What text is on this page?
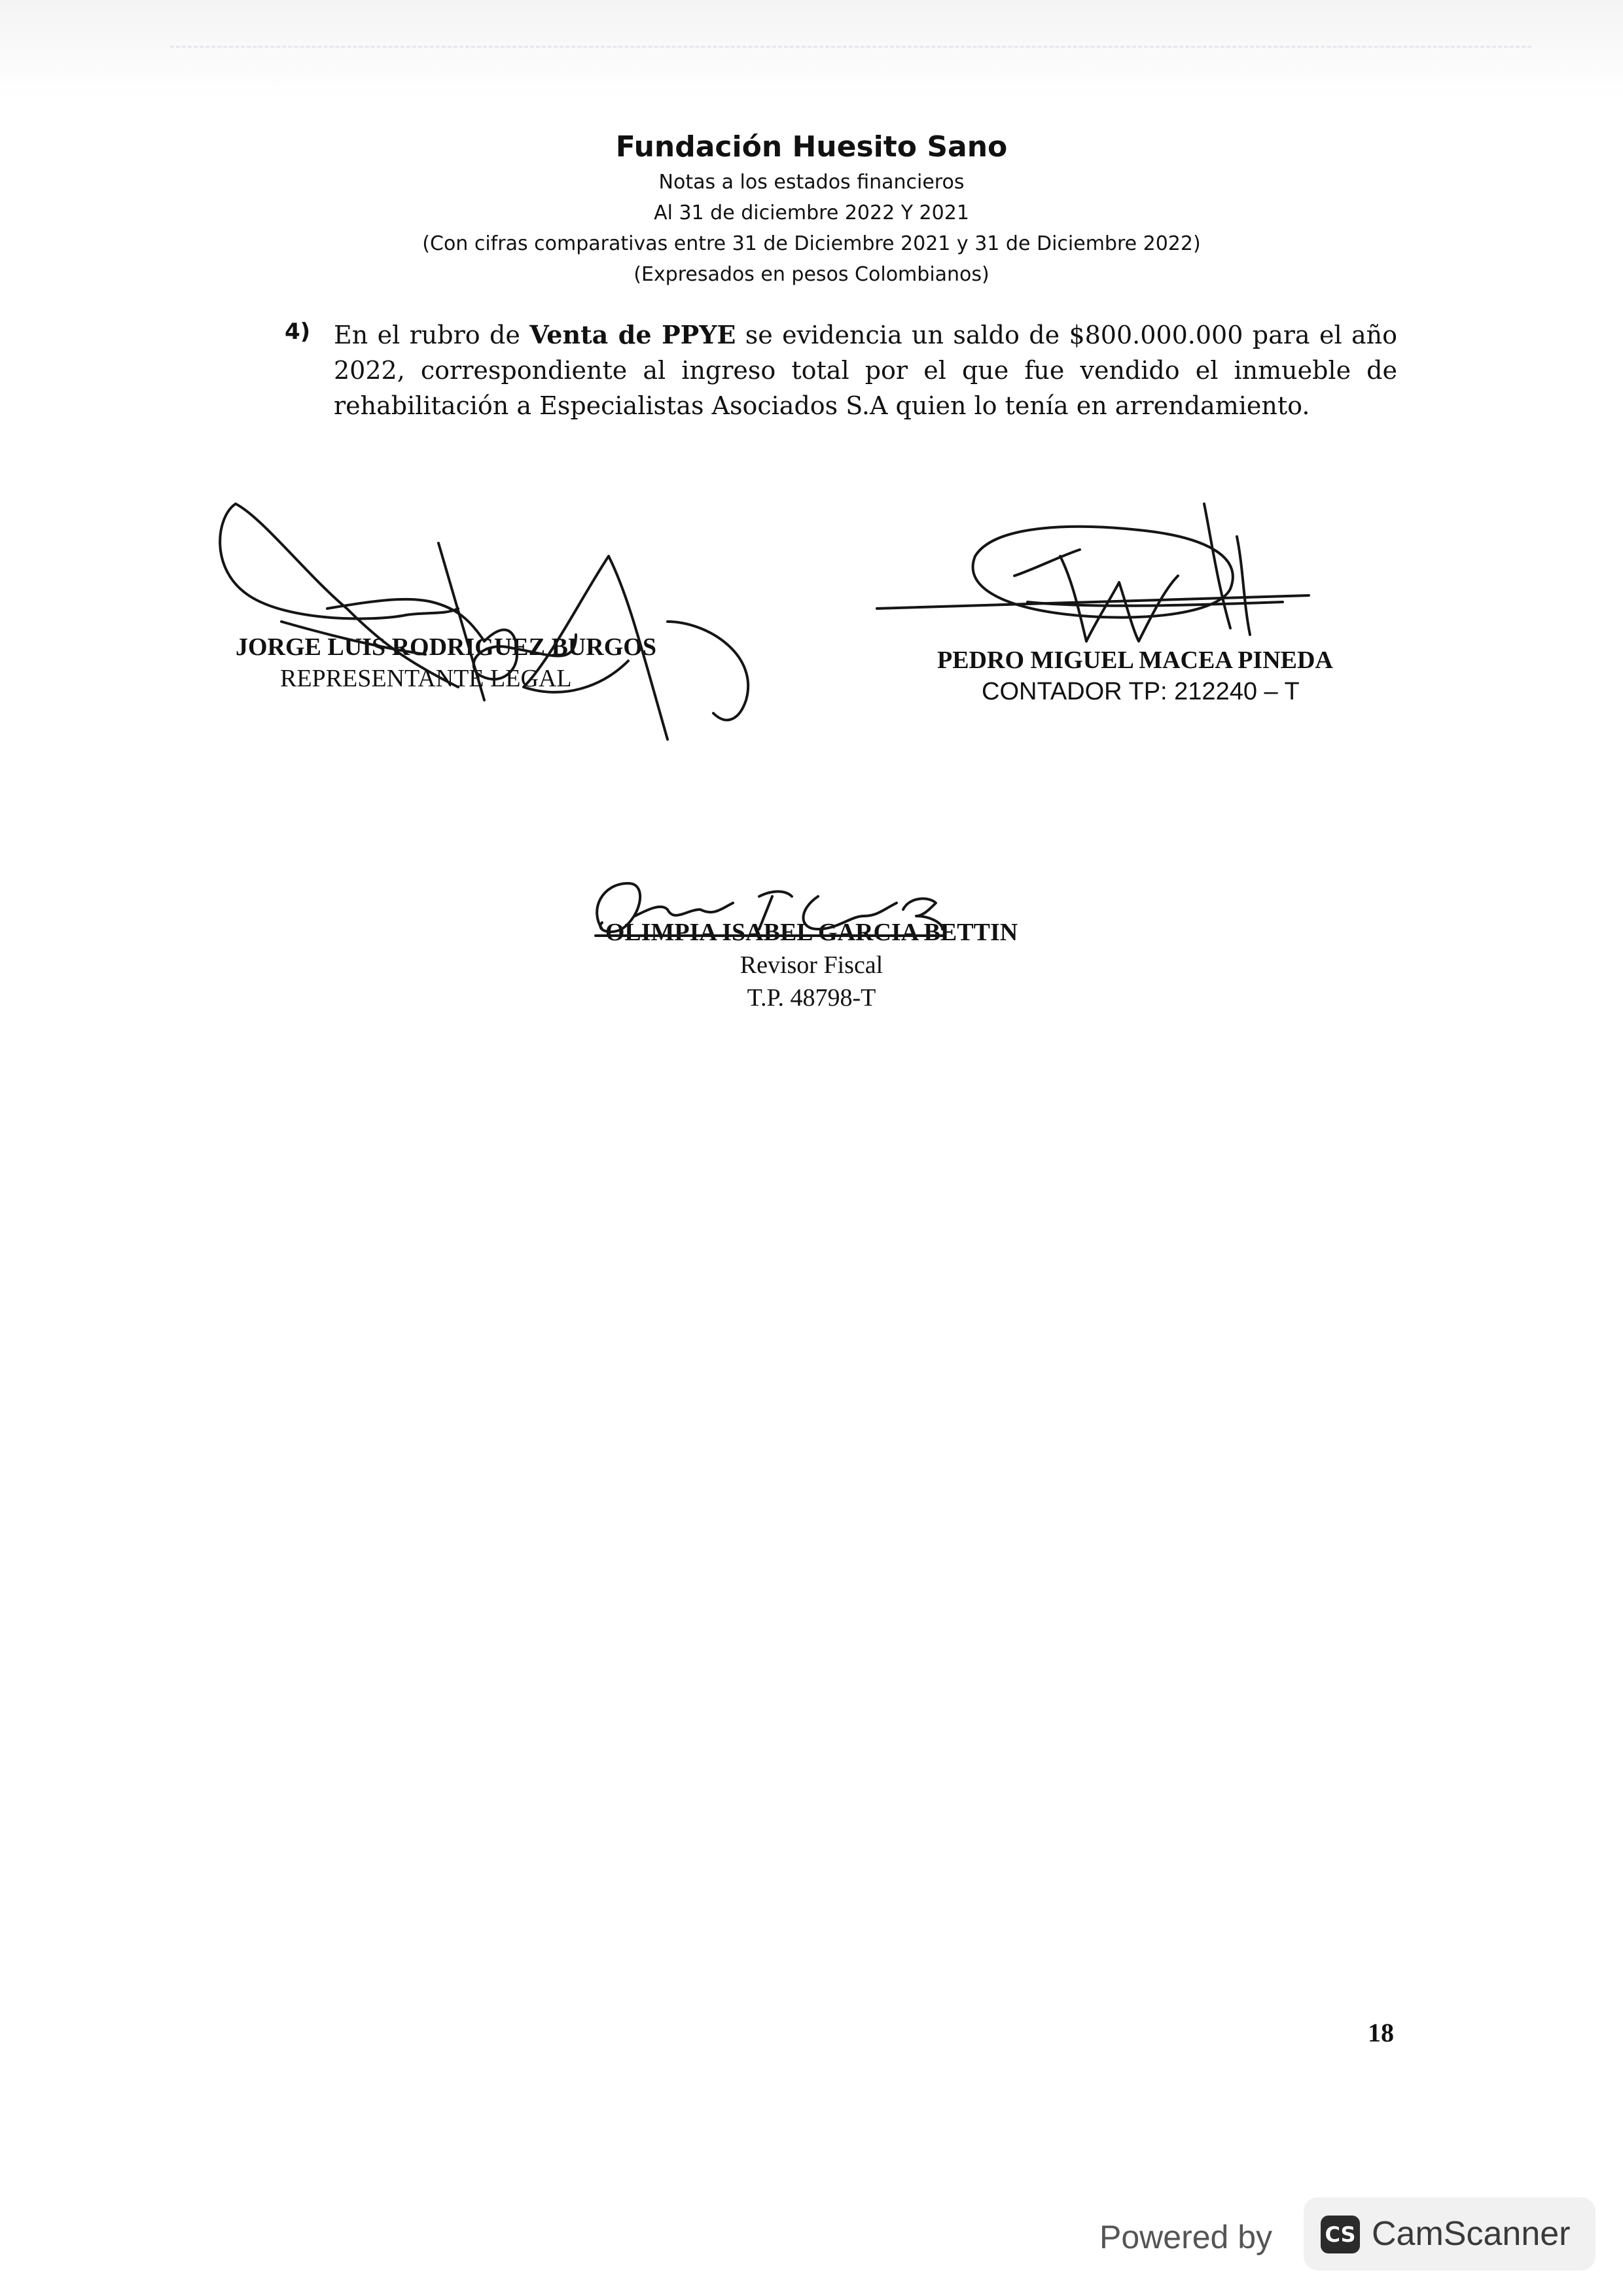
Fundación Huesito Sano
Notas a los estados financieros
Al 31 de diciembre 2022 Y 2021
(Con cifras comparativas entre 31 de Diciembre 2021 y 31 de Diciembre 2022)
(Expresados en pesos Colombianos)
4) En el rubro de Venta de PPYE se evidencia un saldo de $800.000.000 para el año 2022, correspondiente al ingreso total por el que fue vendido el inmueble de rehabilitación a Especialistas Asociados S.A quien lo tenía en arrendamiento.
JORGE LUIS RODRIGUEZ BURGOS
REPRESENTANTE LEGAL
PEDRO MIGUEL MACEA PINEDA
CONTADOR TP: 212240 – T
OLIMPIA ISABEL GARCIA BETTIN
Revisor Fiscal
T.P. 48798-T
18
Powered by	CS CamScanner
